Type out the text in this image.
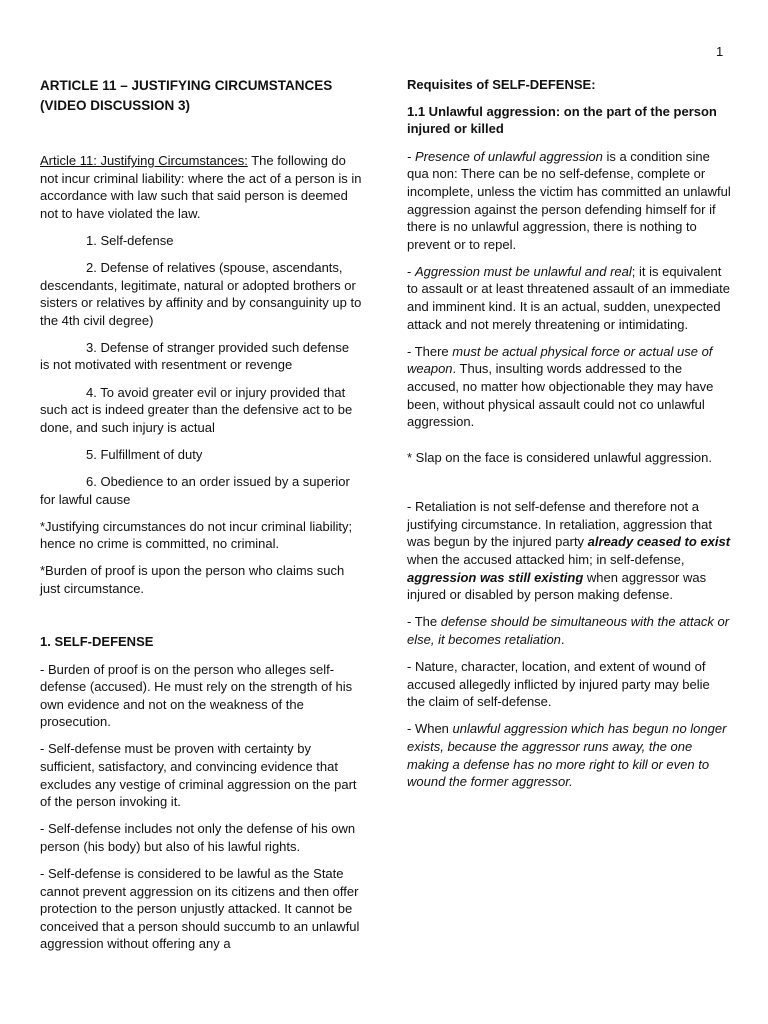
1

ARTICLE 11 – JUSTIFYING CIRCUMSTANCES (VIDEO DISCUSSION 3)

Article 11: Justifying Circumstances: The following do not incur criminal liability: where the act of a person is in accordance with law such that said person is deemed not to have violated the law.

1. Self-defense

2. Defense of relatives (spouse, ascendants, descendants, legitimate, natural or adopted brothers or sisters or relatives by affinity and by consanguinity up to the 4th civil degree)

3. Defense of stranger provided such defense is not motivated with resentment or revenge

4. To avoid greater evil or injury provided that such act is indeed greater than the defensive act to be done, and such injury is actual

5. Fulfillment of duty

6. Obedience to an order issued by a superior for lawful cause

*Justifying circumstances do not incur criminal liability; hence no crime is committed, no criminal.

*Burden of proof is upon the person who claims such just circumstance.

1. SELF-DEFENSE

- Burden of proof is on the person who alleges self-defense (accused). He must rely on the strength of his own evidence and not on the weakness of the prosecution.

- Self-defense must be proven with certainty by sufficient, satisfactory, and convincing evidence that excludes any vestige of criminal aggression on the part of the person invoking it.

- Self-defense includes not only the defense of his own person (his body) but also of his lawful rights.

- Self-defense is considered to be lawful as the State cannot prevent aggression on its citizens and then offer protection to the person unjustly attacked. It cannot be conceived that a person should succumb to an unlawful aggression without offering any a

Requisites of SELF-DEFENSE:

1.1 Unlawful aggression: on the part of the person injured or killed

- Presence of unlawful aggression is a condition sine qua non: There can be no self-defense, complete or incomplete, unless the victim has committed an unlawful aggression against the person defending himself for if there is no unlawful aggression, there is nothing to prevent or to repel.

- Aggression must be unlawful and real; it is equivalent to assault or at least threatened assault of an immediate and imminent kind. It is an actual, sudden, unexpected attack and not merely threatening or intimidating.

- There must be actual physical force or actual use of weapon. Thus, insulting words addressed to the accused, no matter how objectionable they may have been, without physical assault could not co unlawful aggression.

* Slap on the face is considered unlawful aggression.

- Retaliation is not self-defense and therefore not a justifying circumstance. In retaliation, aggression that was begun by the injured party already ceased to exist when the accused attacked him; in self-defense, aggression was still existing when aggressor was injured or disabled by person making defense.

- The defense should be simultaneous with the attack or else, it becomes retaliation.

- Nature, character, location, and extent of wound of accused allegedly inflicted by injured party may belie the claim of self-defense.

- When unlawful aggression which has begun no longer exists, because the aggressor runs away, the one making a defense has no more right to kill or even to wound the former aggressor.
